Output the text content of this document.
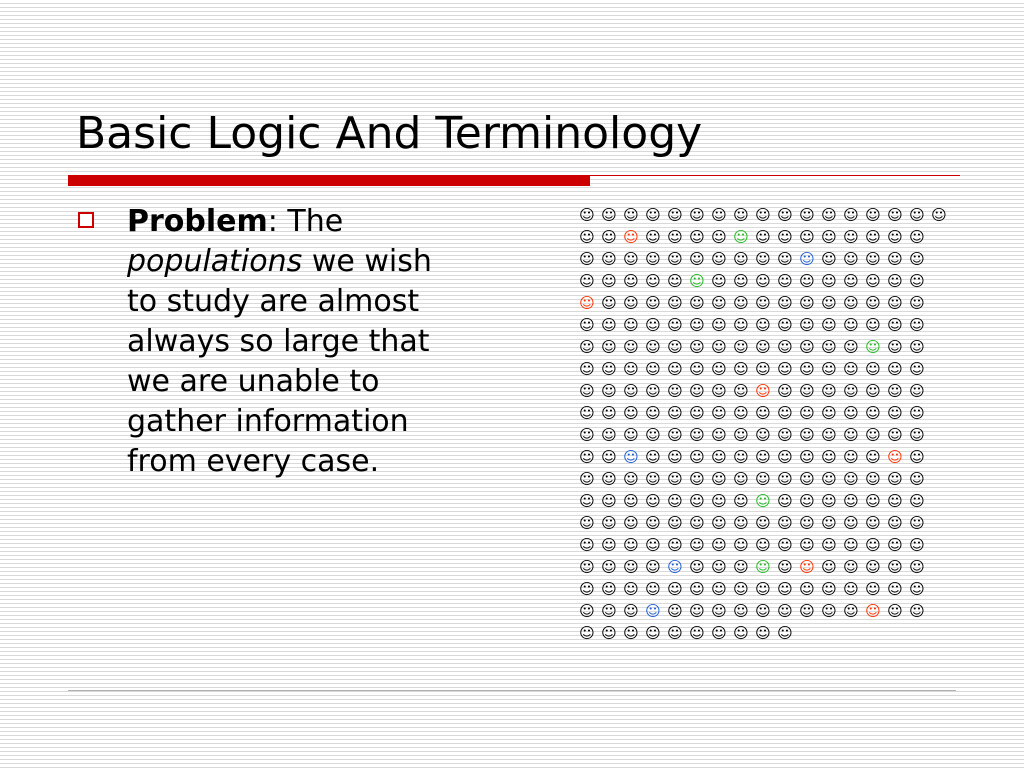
Basic Logic And Terminology
Problem: The populations we wish to study are almost always so large that we are unable to gather information from every case.
☺ ☺ ☺ ☺ ☺ ☺ ☺ ☺ ☺ ☺ ☺ ☺ ☺ ☺ ☺ ☺ ☺
☺ ☺ ☺ ☺ ☺ ☺ ☺ ☺ ☺ ☺ ☺ ☺ ☺ ☺ ☺ ☺
☺ ☺ ☺ ☺ ☺ ☺ ☺ ☺ ☺ ☺ ☺ ☺ ☺ ☺ ☺ ☺
☺ ☺ ☺ ☺ ☺ ☺ ☺ ☺ ☺ ☺ ☺ ☺ ☺ ☺ ☺ ☺
☺ ☺ ☺ ☺ ☺ ☺ ☺ ☺ ☺ ☺ ☺ ☺ ☺ ☺ ☺ ☺
☺ ☺ ☺ ☺ ☺ ☺ ☺ ☺ ☺ ☺ ☺ ☺ ☺ ☺ ☺ ☺
☺ ☺ ☺ ☺ ☺ ☺ ☺ ☺ ☺ ☺ ☺ ☺ ☺ ☺ ☺ ☺
☺ ☺ ☺ ☺ ☺ ☺ ☺ ☺ ☺ ☺ ☺ ☺ ☺ ☺ ☺ ☺
☺ ☺ ☺ ☺ ☺ ☺ ☺ ☺ ☺ ☺ ☺ ☺ ☺ ☺ ☺ ☺
☺ ☺ ☺ ☺ ☺ ☺ ☺ ☺ ☺ ☺ ☺ ☺ ☺ ☺ ☺ ☺
☺ ☺ ☺ ☺ ☺ ☺ ☺ ☺ ☺ ☺ ☺ ☺ ☺ ☺ ☺ ☺
☺ ☺ ☺ ☺ ☺ ☺ ☺ ☺ ☺ ☺ ☺ ☺ ☺ ☺ ☺ ☺
☺ ☺ ☺ ☺ ☺ ☺ ☺ ☺ ☺ ☺ ☺ ☺ ☺ ☺ ☺ ☺
☺ ☺ ☺ ☺ ☺ ☺ ☺ ☺ ☺ ☺ ☺ ☺ ☺ ☺ ☺ ☺
☺ ☺ ☺ ☺ ☺ ☺ ☺ ☺ ☺ ☺ ☺ ☺ ☺ ☺ ☺ ☺
☺ ☺ ☺ ☺ ☺ ☺ ☺ ☺ ☺ ☺ ☺ ☺ ☺ ☺ ☺ ☺
☺ ☺ ☺ ☺ ☺ ☺ ☺ ☺ ☺ ☺ ☺ ☺ ☺ ☺ ☺ ☺
☺ ☺ ☺ ☺ ☺ ☺ ☺ ☺ ☺ ☺ ☺ ☺ ☺ ☺ ☺ ☺
☺ ☺ ☺ ☺ ☺ ☺ ☺ ☺ ☺ ☺ ☺ ☺ ☺ ☺ ☺ ☺
☺ ☺ ☺ ☺ ☺ ☺ ☺ ☺ ☺ ☺
